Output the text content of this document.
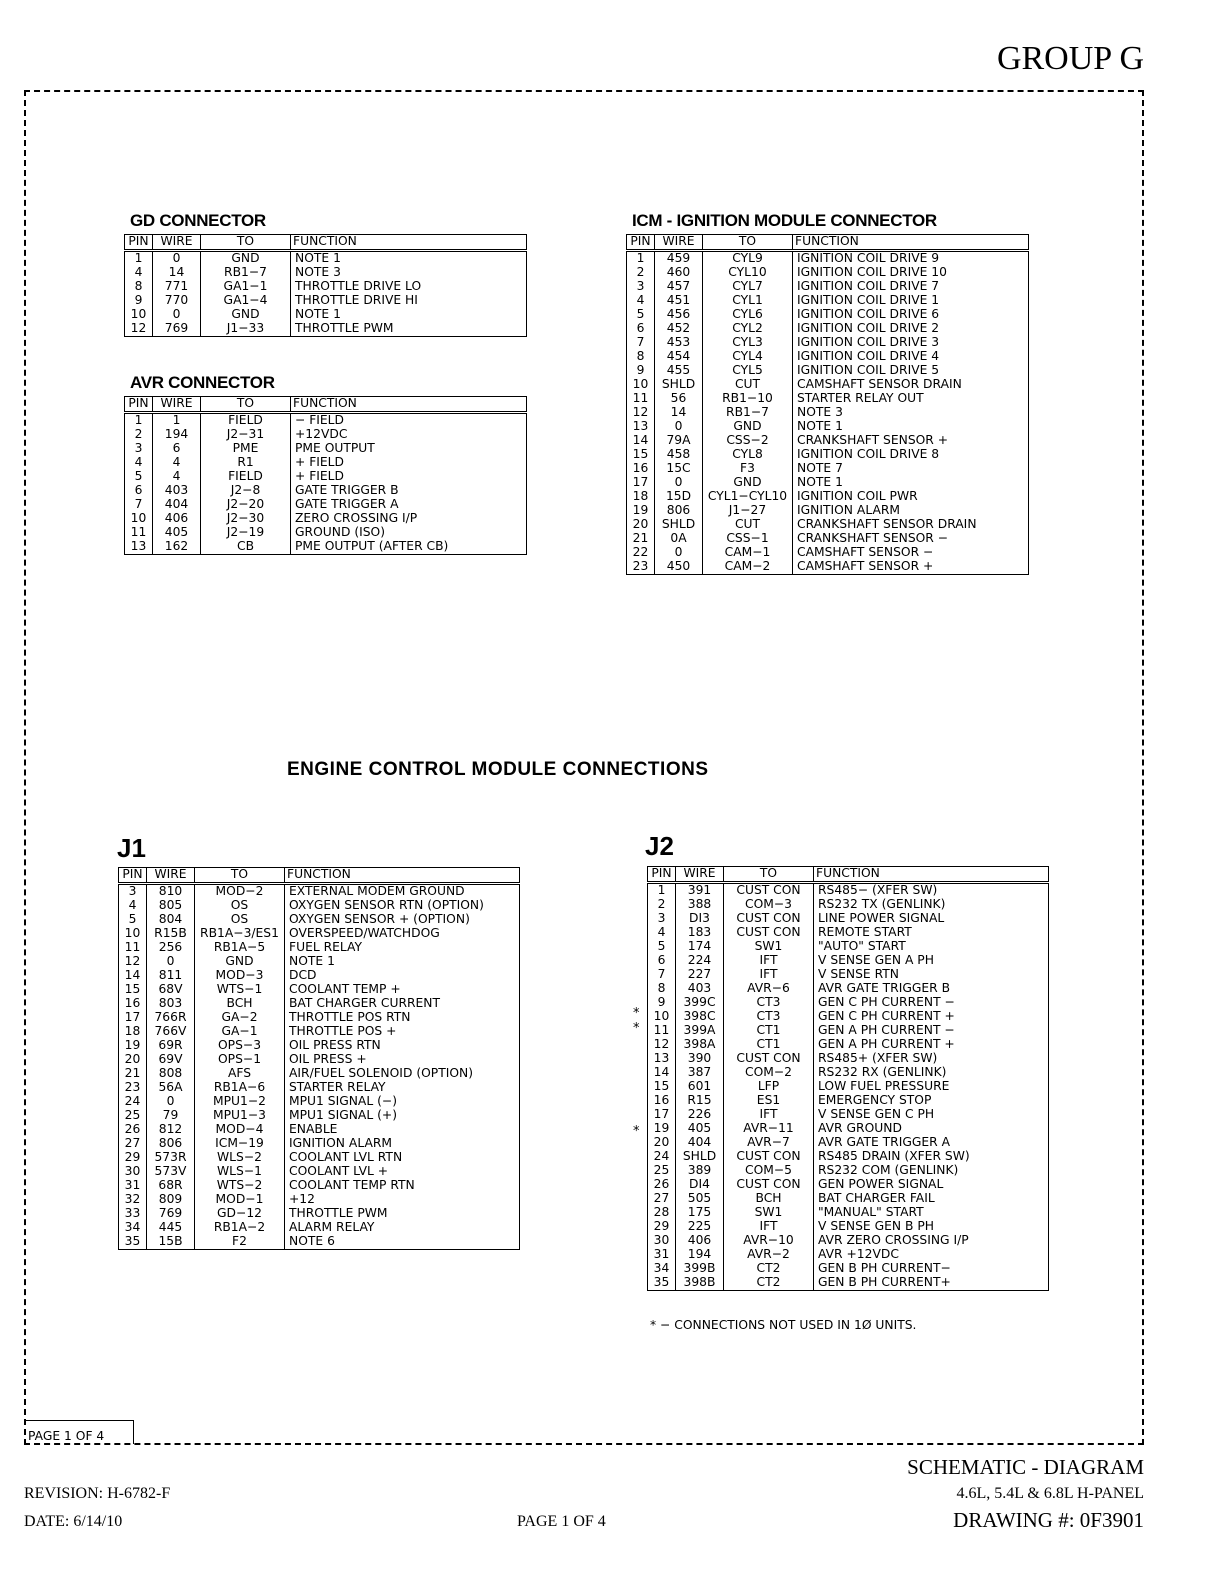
GROUP G
GD CONNECTOR
PIN	WIRE	TO	FUNCTION
1	0	GND	NOTE 1
4	14	RB1−7	NOTE 3
8	771	GA1−1	THROTTLE DRIVE LO
9	770	GA1−4	THROTTLE DRIVE HI
10	0	GND	NOTE 1
12	769	J1−33	THROTTLE PWM
AVR CONNECTOR
PIN	WIRE	TO	FUNCTION
1	1	FIELD	− FIELD
2	194	J2−31	+12VDC
3	6	PME	PME OUTPUT
4	4	R1	+ FIELD
5	4	FIELD	+ FIELD
6	403	J2−8	GATE TRIGGER B
7	404	J2−20	GATE TRIGGER A
10	406	J2−30	ZERO CROSSING I/P
11	405	J2−19	GROUND (ISO)
13	162	CB	PME OUTPUT (AFTER CB)
ICM - IGNITION MODULE CONNECTOR
PIN	WIRE	TO	FUNCTION
1	459	CYL9	IGNITION COIL DRIVE 9
2	460	CYL10	IGNITION COIL DRIVE 10
3	457	CYL7	IGNITION COIL DRIVE 7
4	451	CYL1	IGNITION COIL DRIVE 1
5	456	CYL6	IGNITION COIL DRIVE 6
6	452	CYL2	IGNITION COIL DRIVE 2
7	453	CYL3	IGNITION COIL DRIVE 3
8	454	CYL4	IGNITION COIL DRIVE 4
9	455	CYL5	IGNITION COIL DRIVE 5
10	SHLD	CUT	CAMSHAFT SENSOR DRAIN
11	56	RB1−10	STARTER RELAY OUT
12	14	RB1−7	NOTE 3
13	0	GND	NOTE 1
14	79A	CSS−2	CRANKSHAFT SENSOR +
15	458	CYL8	IGNITION COIL DRIVE 8
16	15C	F3	NOTE 7
17	0	GND	NOTE 1
18	15D	CYL1−CYL10	IGNITION COIL PWR
19	806	J1−27	IGNITION ALARM
20	SHLD	CUT	CRANKSHAFT SENSOR DRAIN
21	0A	CSS−1	CRANKSHAFT SENSOR −
22	0	CAM−1	CAMSHAFT SENSOR −
23	450	CAM−2	CAMSHAFT SENSOR +
ENGINE CONTROL MODULE CONNECTIONS
J1
PIN	WIRE	TO	FUNCTION
3	810	MOD−2	EXTERNAL MODEM GROUND
4	805	OS	OXYGEN SENSOR RTN (OPTION)
5	804	OS	OXYGEN SENSOR + (OPTION)
10	R15B	RB1A−3/ES1	OVERSPEED/WATCHDOG
11	256	RB1A−5	FUEL RELAY
12	0	GND	NOTE 1
14	811	MOD−3	DCD
15	68V	WTS−1	COOLANT TEMP +
16	803	BCH	BAT CHARGER CURRENT
17	766R	GA−2	THROTTLE POS RTN
18	766V	GA−1	THROTTLE POS +
19	69R	OPS−3	OIL PRESS RTN
20	69V	OPS−1	OIL PRESS +
21	808	AFS	AIR/FUEL SOLENOID (OPTION)
23	56A	RB1A−6	STARTER RELAY
24	0	MPU1−2	MPU1 SIGNAL (−)
25	79	MPU1−3	MPU1 SIGNAL (+)
26	812	MOD−4	ENABLE
27	806	ICM−19	IGNITION ALARM
29	573R	WLS−2	COOLANT LVL RTN
30	573V	WLS−1	COOLANT LVL +
31	68R	WTS−2	COOLANT TEMP RTN
32	809	MOD−1	+12
33	769	GD−12	THROTTLE PWM
34	445	RB1A−2	ALARM RELAY
35	15B	F2	NOTE 6
J2
PIN	WIRE	TO	FUNCTION
1	391	CUST CON	RS485− (XFER SW)
2	388	COM−3	RS232 TX (GENLINK)
3	DI3	CUST CON	LINE POWER SIGNAL
4	183	CUST CON	REMOTE START
5	174	SW1	"AUTO" START
6	224	IFT	V SENSE GEN A PH
7	227	IFT	V SENSE RTN
8	403	AVR−6	AVR GATE TRIGGER B
9	399C	CT3	GEN C PH CURRENT −
10	398C	CT3	GEN C PH CURRENT +
11	399A	CT1	GEN A PH CURRENT −
12	398A	CT1	GEN A PH CURRENT +
13	390	CUST CON	RS485+ (XFER SW)
14	387	COM−2	RS232 RX (GENLINK)
15	601	LFP	LOW FUEL PRESSURE
16	R15	ES1	EMERGENCY STOP
17	226	IFT	V SENSE GEN C PH
19	405	AVR−11	AVR GROUND
20	404	AVR−7	AVR GATE TRIGGER A
24	SHLD	CUST CON	RS485 DRAIN (XFER SW)
25	389	COM−5	RS232 COM (GENLINK)
26	DI4	CUST CON	GEN POWER SIGNAL
27	505	BCH	BAT CHARGER FAIL
28	175	SW1	"MANUAL" START
29	225	IFT	V SENSE GEN B PH
30	406	AVR−10	AVR ZERO CROSSING I/P
31	194	AVR−2	AVR +12VDC
34	399B	CT2	GEN B PH CURRENT−
35	398B	CT2	GEN B PH CURRENT+
*
*
*
* − CONNECTIONS NOT USED IN 1Ø UNITS.
PAGE 1 OF 4
SCHEMATIC - DIAGRAM
REVISION: H-6782-F	4.6L, 5.4L & 6.8L H-PANEL
DATE: 6/14/10	PAGE 1 OF 4	DRAWING #: 0F3901
